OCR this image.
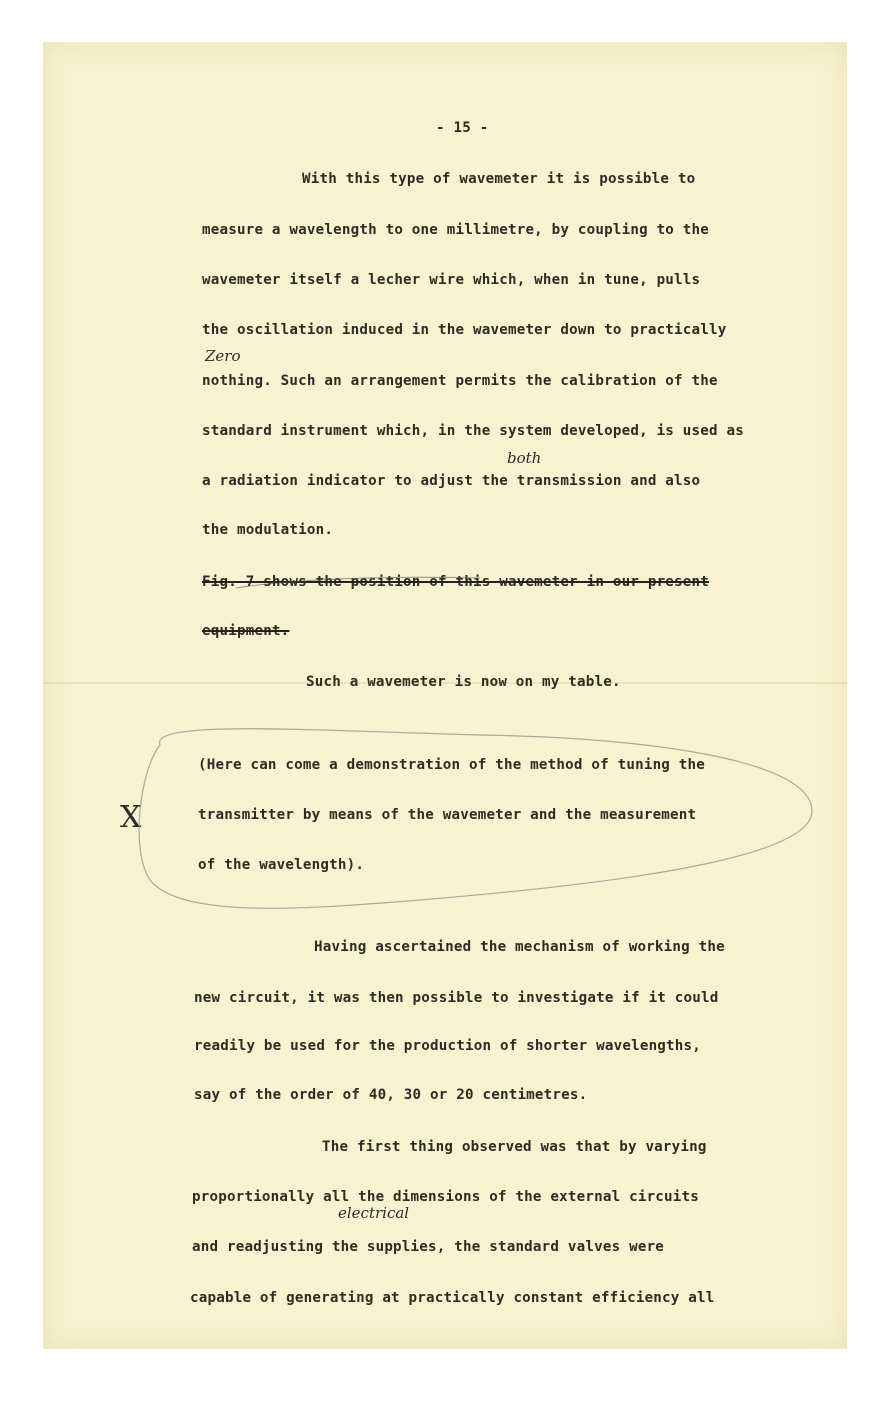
- 15 -
With this type of wavemeter it is possible to
measure a wavelength to one millimetre, by coupling to the
wavemeter itself a lecher wire which, when in tune, pulls
the oscillation induced in the wavemeter down to practically
nothing. Such an arrangement permits the calibration of the
standard instrument which, in the system developed, is used as
a radiation indicator to adjust the transmission and also
the modulation.
Fig. 7 shows the position of this wavemeter in our present
equipment.
Such a wavemeter is now on my table.
(Here can come a demonstration of the method of tuning the
transmitter by means of the wavemeter and the measurement
of the wavelength).
Having ascertained the mechanism of working the
new circuit, it was then possible to investigate if it could
readily be used for the production of shorter wavelengths,
say of the order of 40, 30 or 20 centimetres.
The first thing observed was that by varying
proportionally all the dimensions of the external circuits
and readjusting the supplies, the standard valves were
capable of generating at practically constant efficiency all
Zero
both
electrical
X
